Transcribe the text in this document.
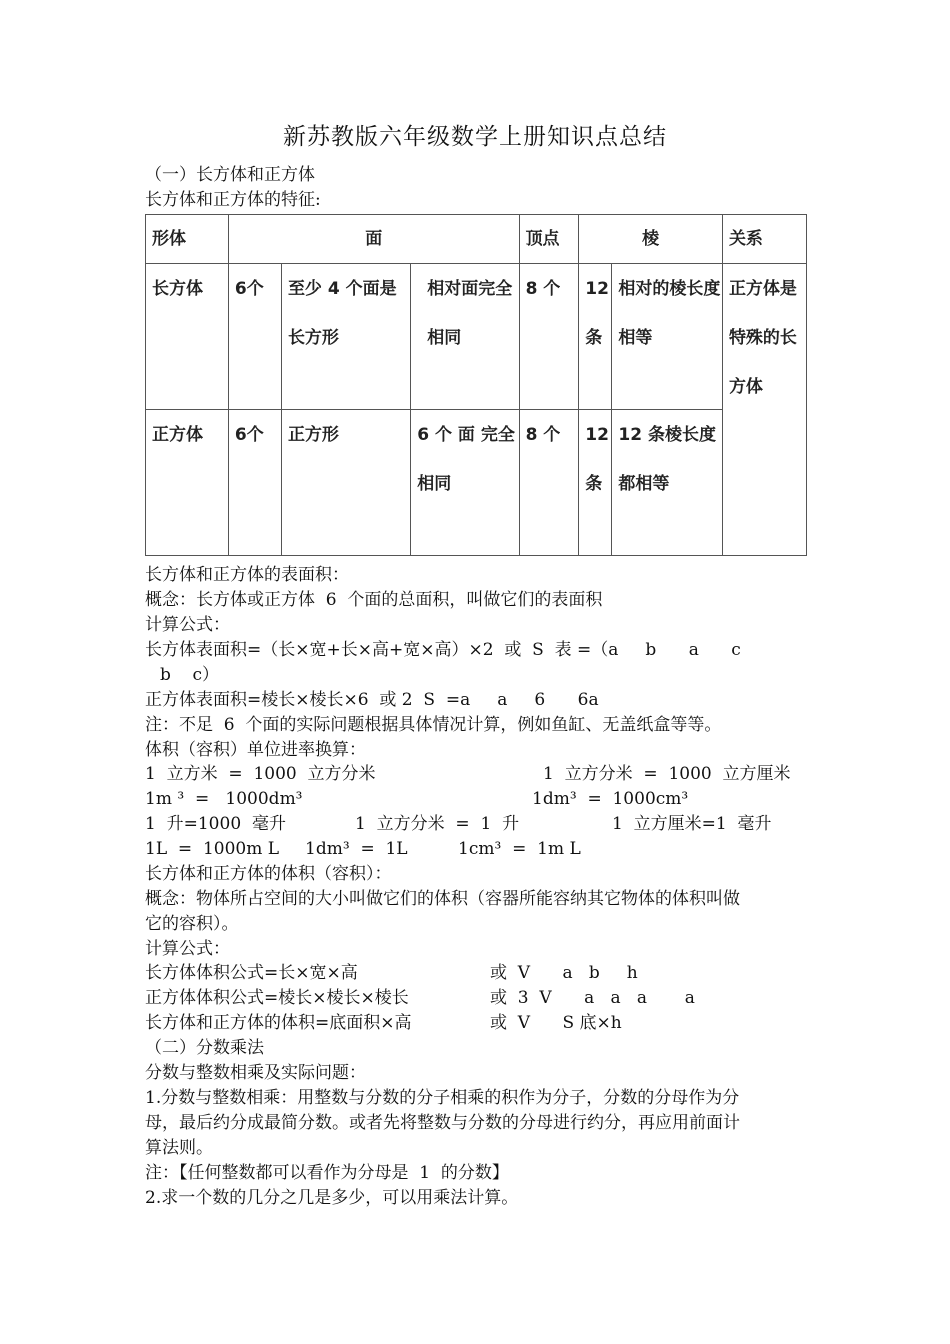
新苏教版六年级数学上册知识点总结
（一）长方体和正方体
长方体和正方体的特征:
形体	面			顶点	棱		关系
长方体	6个	至少 4 个面是长方形	相对面完全相同	8 个	12条	相对的棱长度相等	正方体是特殊的长方体
正方体	6个	正方形	6 个 面 完全相同	8 个	12条	12 条棱长度都相等	
长方体和正方体的表面积：
概念：长方体或正方体  6  个面的总面积，叫做它们的表面积
计算公式：
长方体表面积=（长×宽+长×高+宽×高）×2  或  S  表 =（a     b      a      c
b    c）
正方体表面积=棱长×棱长×6  或 2  S  =a     a     6      6a
注：不足  6  个面的实际问题根据具体情况计算，例如鱼缸、无盖纸盒等等。
体积（容积）单位进率换算：
1  立方米  =  1000  立方分米	1  立方分米  =  1000  立方厘米
1m ³  =   1000dm³	1dm³  =  1000cm³
1  升=1000  毫升	1  立方分米  =  1  升	1  立方厘米=1  毫升
1L  =  1000m L 1dm³  =  1L	1cm³  =  1m L
长方体和正方体的体积（容积）：
概念：物体所占空间的大小叫做它们的体积（容器所能容纳其它物体的体积叫做
它的容积）。
计算公式：
长方体体积公式=长×宽×高	或  V      a   b     h
正方体体积公式=棱长×棱长×棱长	或  3  V      a   a   a       a
长方体和正方体的体积=底面积×高	或  V      S 底×h
（二）分数乘法
分数与整数相乘及实际问题：
1.分数与整数相乘：用整数与分数的分子相乘的积作为分子，分数的分母作为分
母，最后约分成最简分数。或者先将整数与分数的分母进行约分，再应用前面计
算法则。
注：【任何整数都可以看作为分母是  1  的分数】
2.求一个数的几分之几是多少，可以用乘法计算。
